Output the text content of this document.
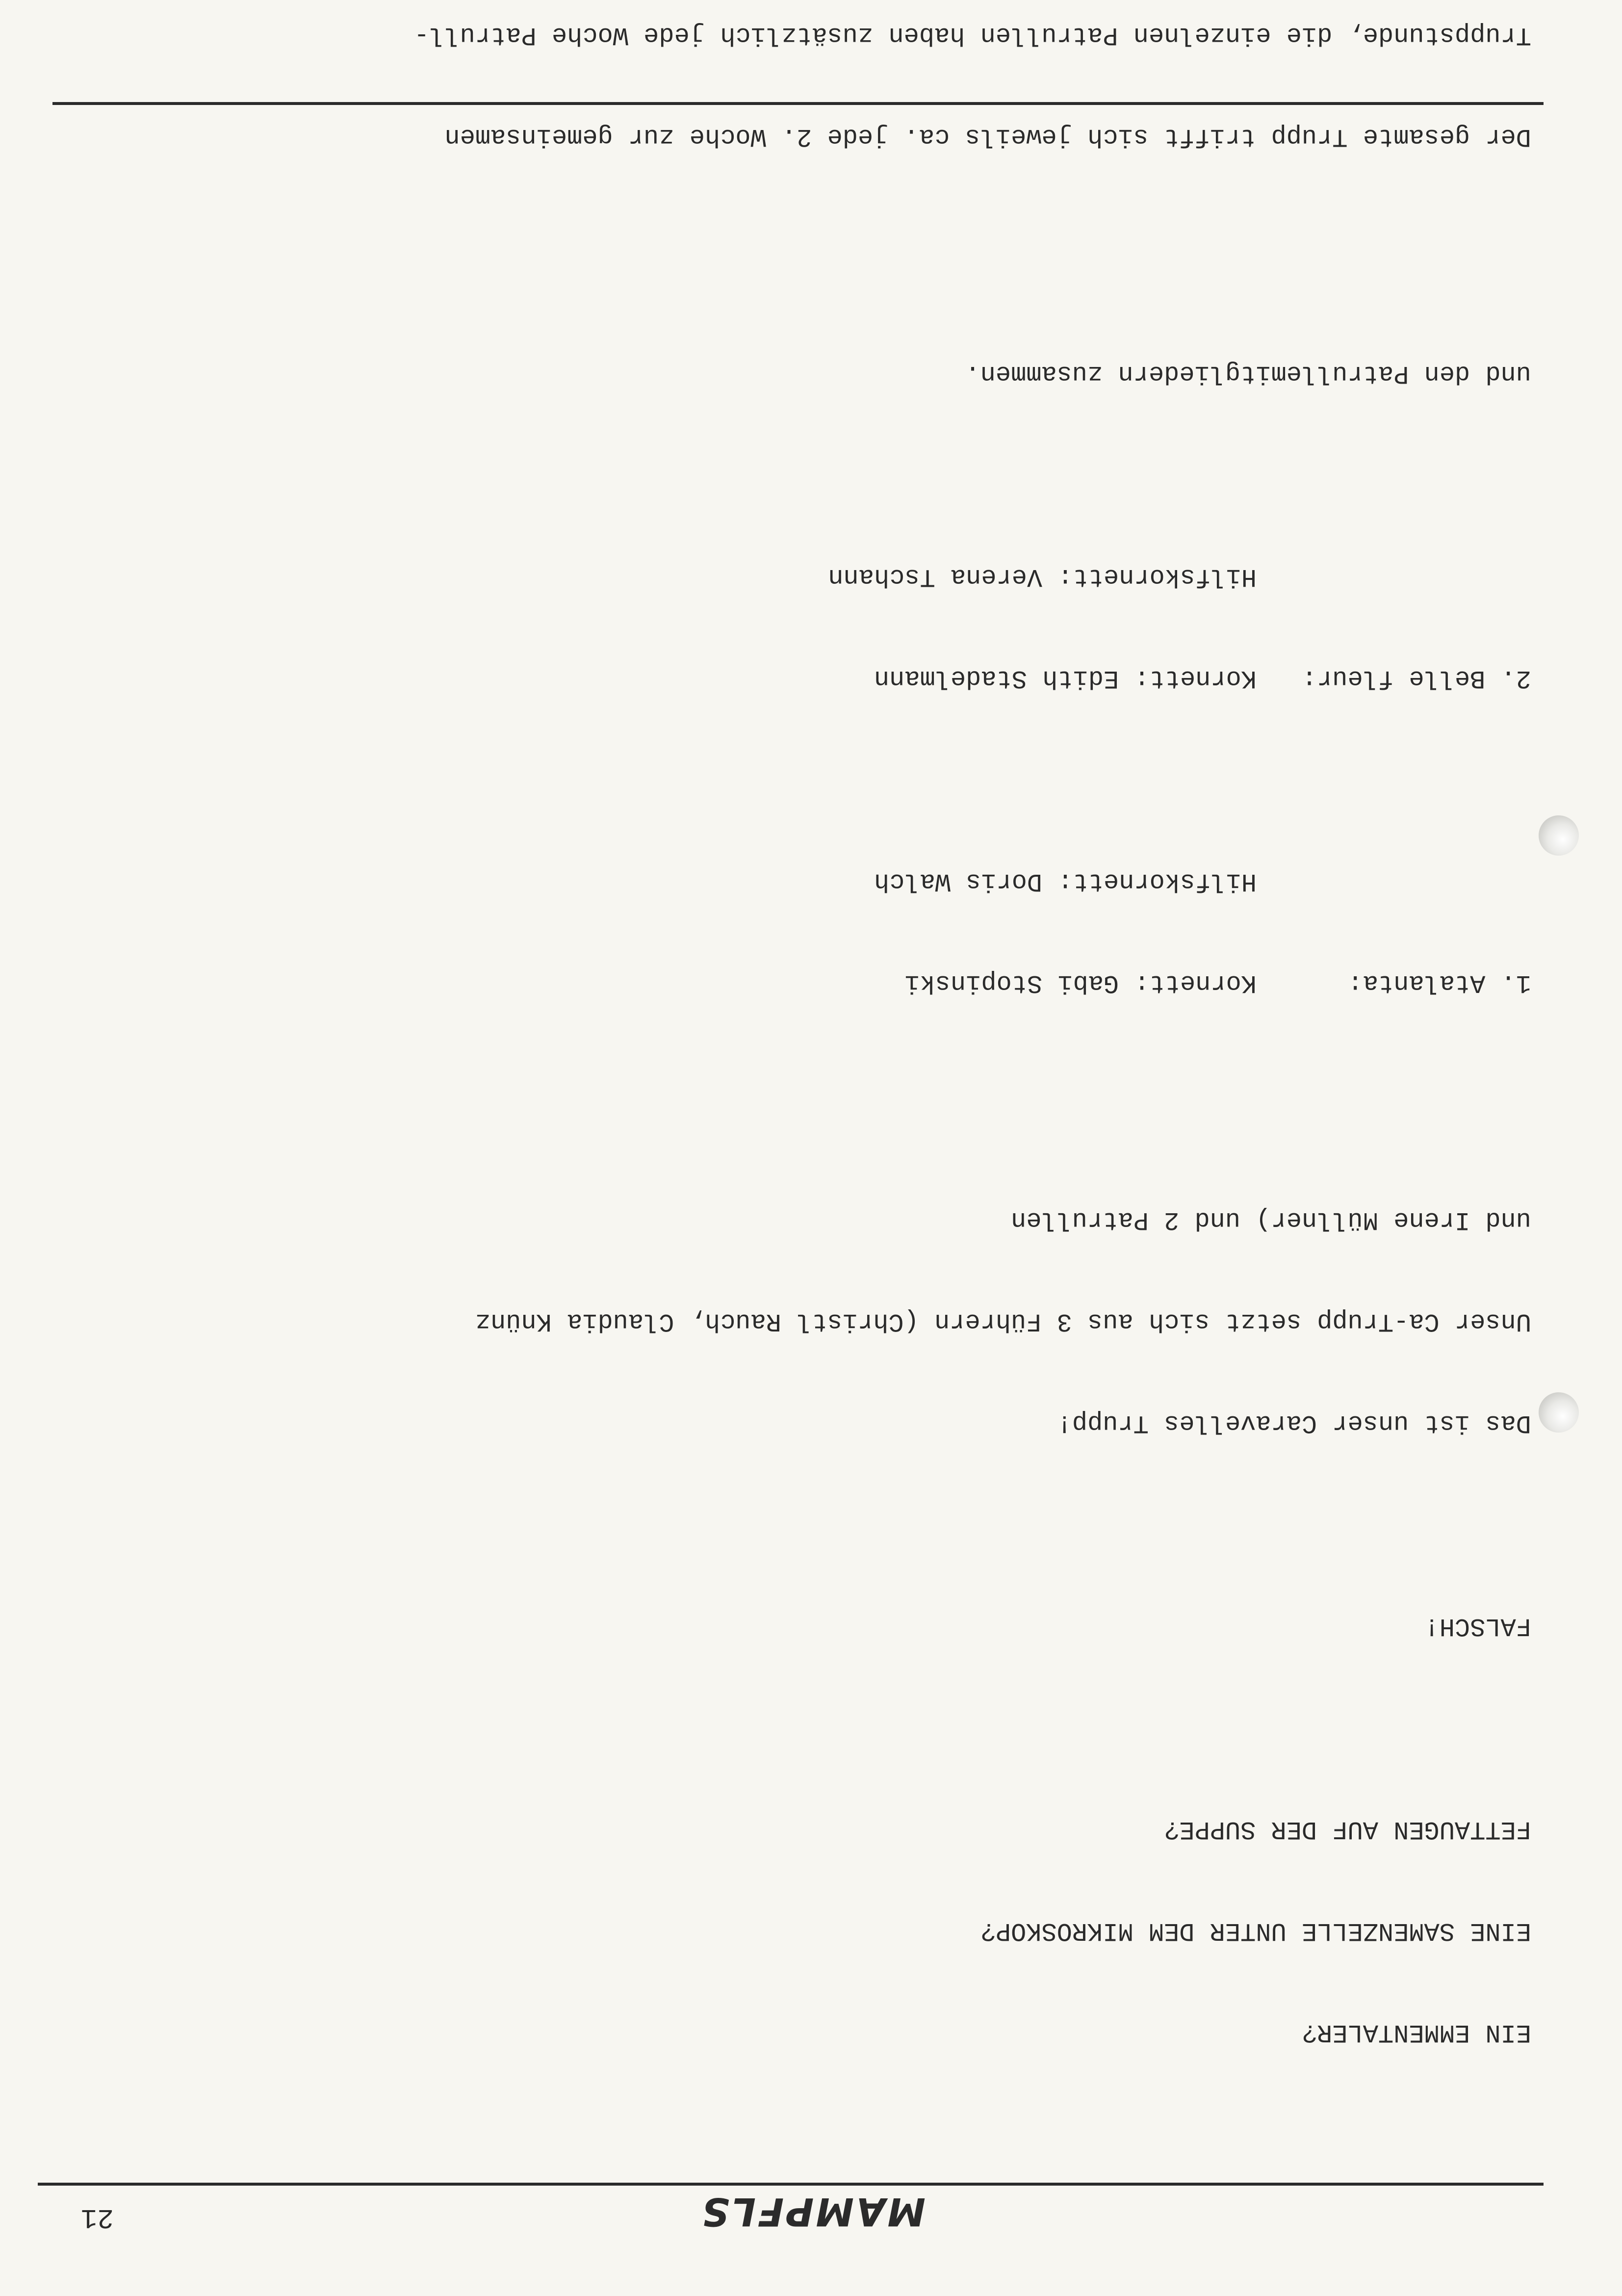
MAMPFLS
21

EIN EMMENTALER?

EINE SAMENZELLE UNTER DEM MIKROSKOP?

FETTAUGEN AUF DER SUPPE?

FALSCH!

Das ist unser Caravelles Trupp!

Unser Ca-Trupp setzt sich aus 3 Führern (Christl Rauch, Claudia Knünz

und Irene Müllner) und 2 Patrullen

1. Atalanta:
Kornett: Gabi Stopinski

Hilfskornett: Doris Walch

2. Belle fleur:
Kornett: Edith Stadelmann

Hilfskornett: Verena Tschann

und den Patrullemitgliedern zusammen.

Der gesamte Trupp trifft sich jeweils ca. jede 2. Woche zur gemeinsamen

Truppstunde, die einzelnen Patrullen haben zusätzlich jede Woche Patrull-
